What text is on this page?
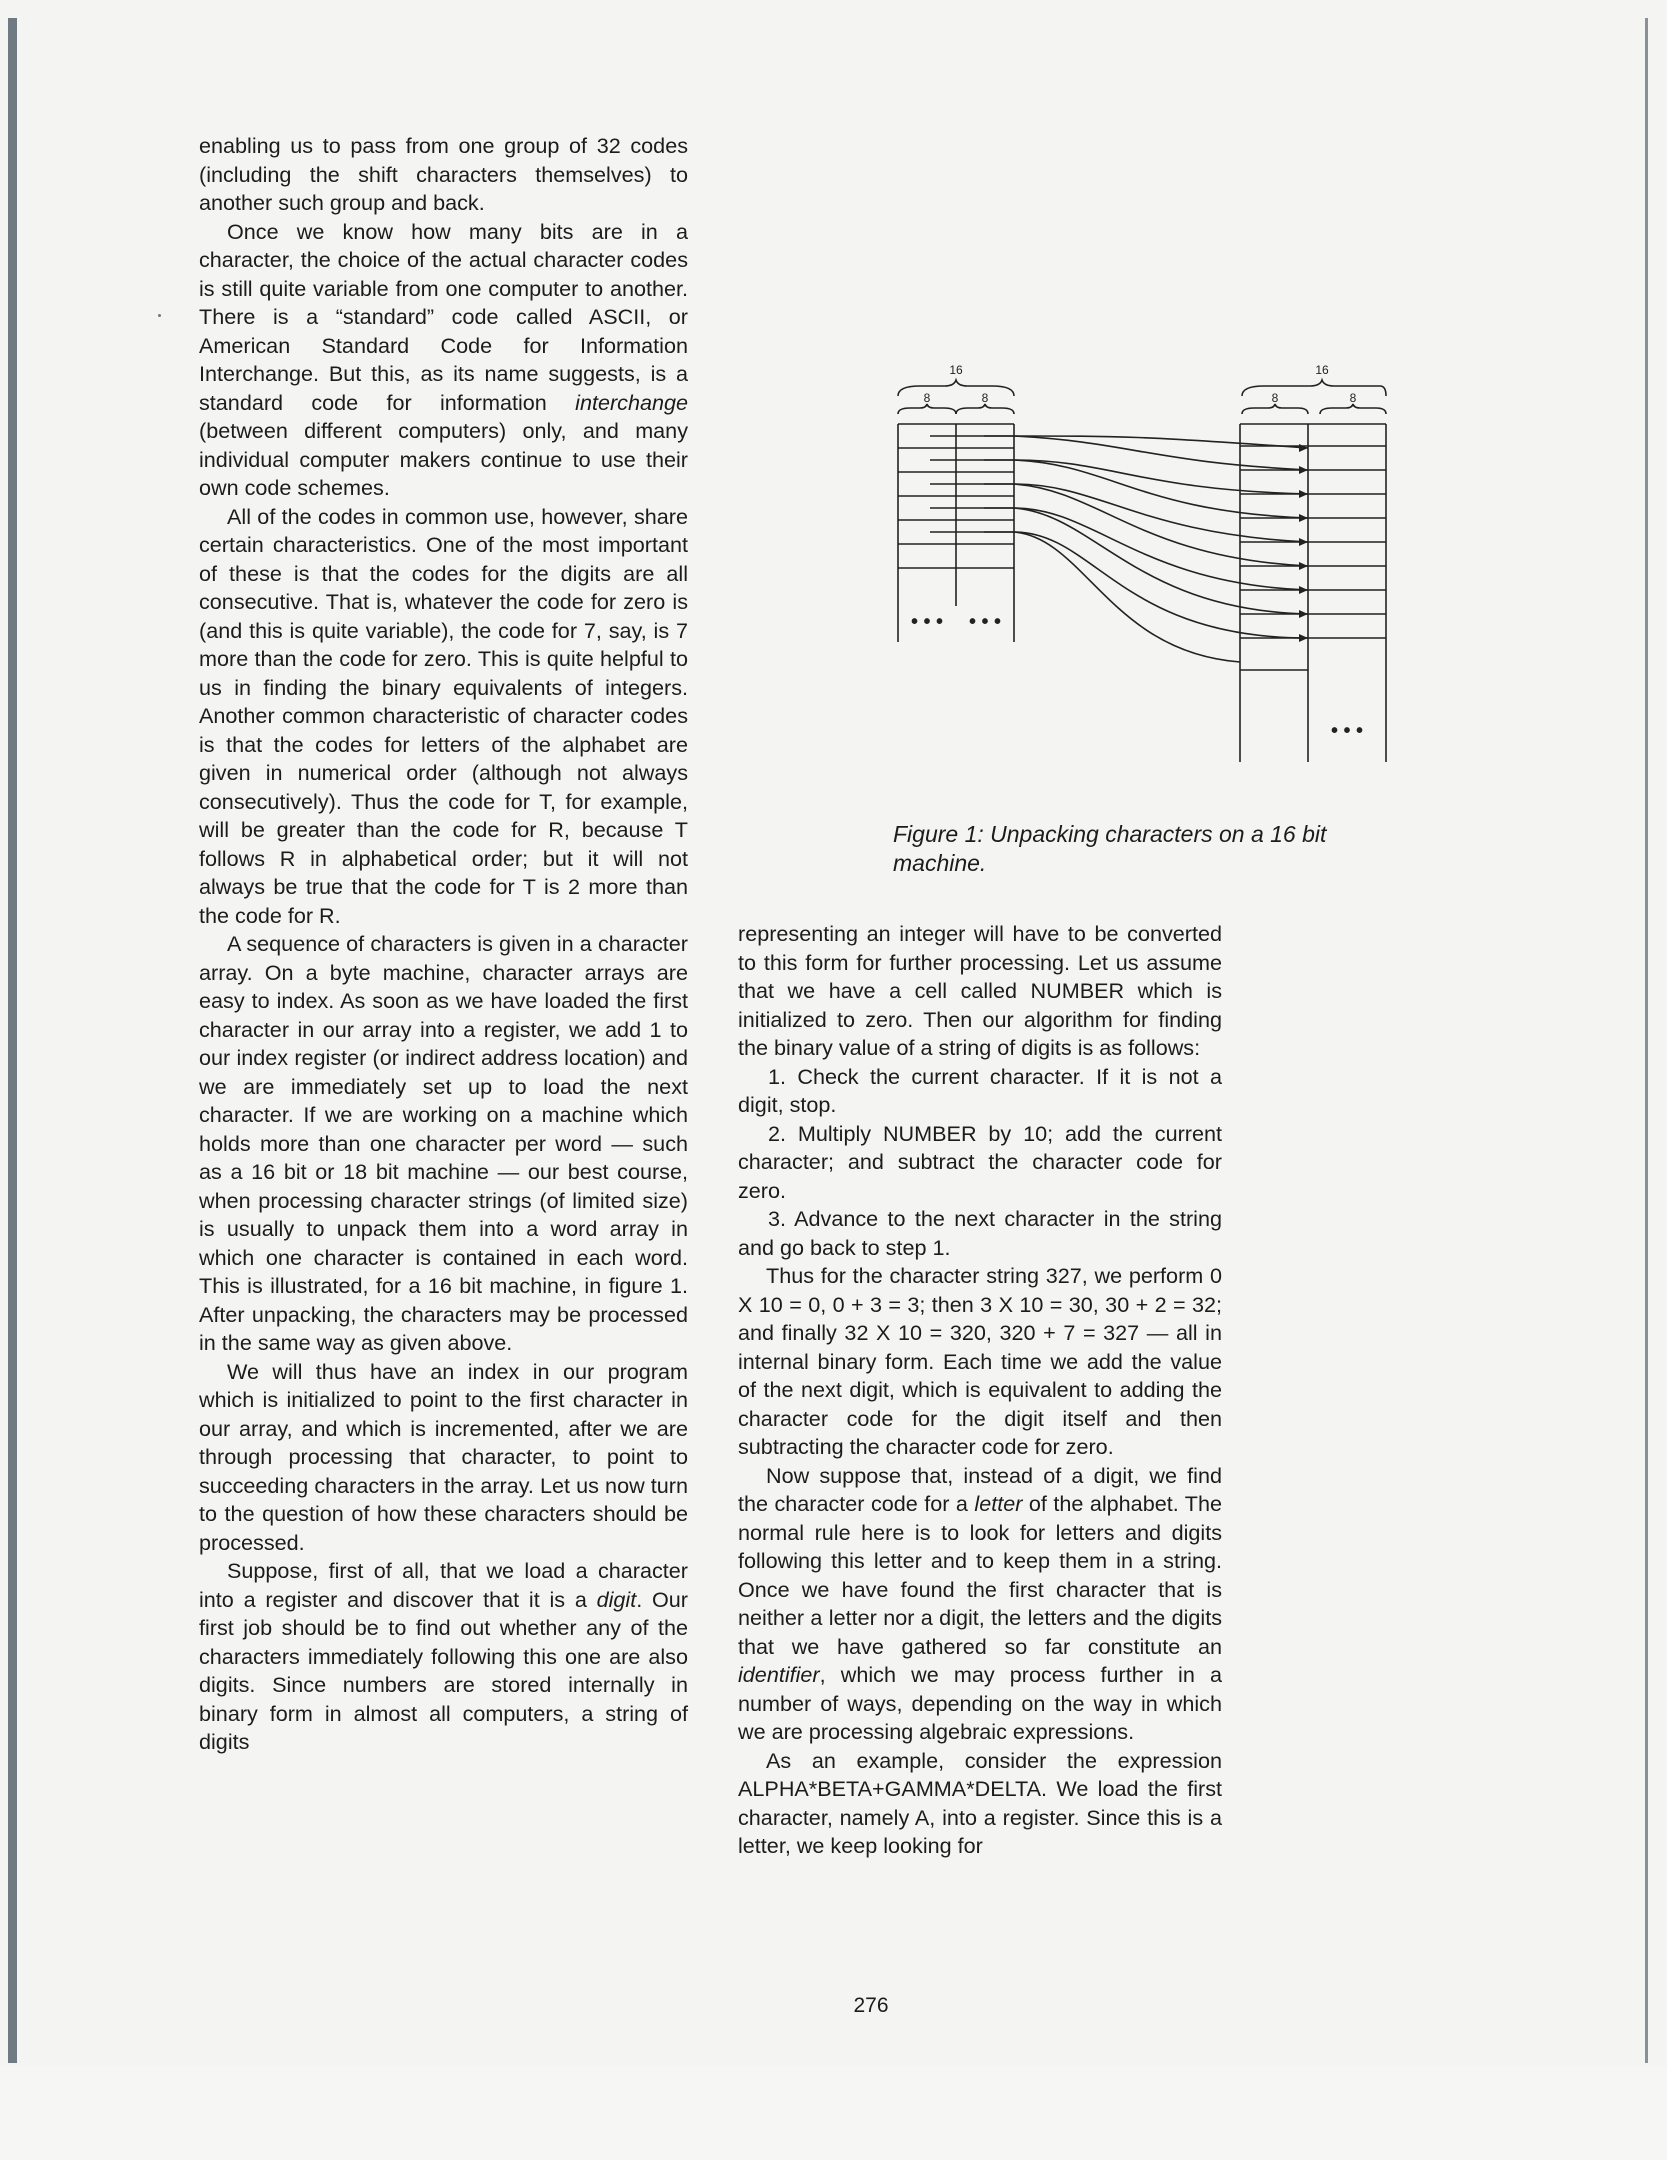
enabling us to pass from one group of 32 codes (including the shift characters themselves) to another such group and back.

Once we know how many bits are in a character, the choice of the actual character codes is still quite variable from one computer to another. There is a “standard” code called ASCII, or American Standard Code for Information Interchange. But this, as its name suggests, is a standard code for information interchange (between different computers) only, and many individual computer makers continue to use their own code schemes.

All of the codes in common use, however, share certain characteristics. One of the most important of these is that the codes for the digits are all consecutive. That is, whatever the code for zero is (and this is quite variable), the code for 7, say, is 7 more than the code for zero. This is quite helpful to us in finding the binary equivalents of integers. Another common characteristic of character codes is that the codes for letters of the alphabet are given in numerical order (although not always consecutively). Thus the code for T, for example, will be greater than the code for R, because T follows R in alphabetical order; but it will not always be true that the code for T is 2 more than the code for R.

A sequence of characters is given in a character array. On a byte machine, character arrays are easy to index. As soon as we have loaded the first character in our array into a register, we add 1 to our index register (or indirect address location) and we are immediately set up to load the next character. If we are working on a machine which holds more than one character per word — such as a 16 bit or 18 bit machine — our best course, when processing character strings (of limited size) is usually to unpack them into a word array in which one character is contained in each word. This is illustrated, for a 16 bit machine, in figure 1. After unpacking, the characters may be processed in the same way as given above.

We will thus have an index in our program which is initialized to point to the first character in our array, and which is incremented, after we are through processing that character, to point to succeeding characters in the array. Let us now turn to the question of how these characters should be processed.

Suppose, first of all, that we load a character into a register and discover that it is a digit. Our first job should be to find out whether any of the characters immediately following this one are also digits. Since numbers are stored internally in binary form in almost all computers, a string of digits

16
8	8
16
8	8
• • • • • •
• • •
Figure 1: Unpacking characters on a 16 bit machine.

representing an integer will have to be converted to this form for further processing. Let us assume that we have a cell called NUMBER which is initialized to zero. Then our algorithm for finding the binary value of a string of digits is as follows:

1. Check the current character. If it is not a digit, stop.

2. Multiply NUMBER by 10; add the current character; and subtract the character code for zero.

3. Advance to the next character in the string and go back to step 1.

Thus for the character string 327, we perform 0 X 10 = 0, 0 + 3 = 3; then 3 X 10 = 30, 30 + 2 = 32; and finally 32 X 10 = 320, 320 + 7 = 327 — all in internal binary form. Each time we add the value of the next digit, which is equivalent to adding the character code for the digit itself and then subtracting the character code for zero.

Now suppose that, instead of a digit, we find the character code for a letter of the alphabet. The normal rule here is to look for letters and digits following this letter and to keep them in a string. Once we have found the first character that is neither a letter nor a digit, the letters and the digits that we have gathered so far constitute an identifier, which we may process further in a number of ways, depending on the way in which we are processing algebraic expressions.

As an example, consider the expression ALPHA*BETA+GAMMA*DELTA. We load the first character, namely A, into a register. Since this is a letter, we keep looking for

276
